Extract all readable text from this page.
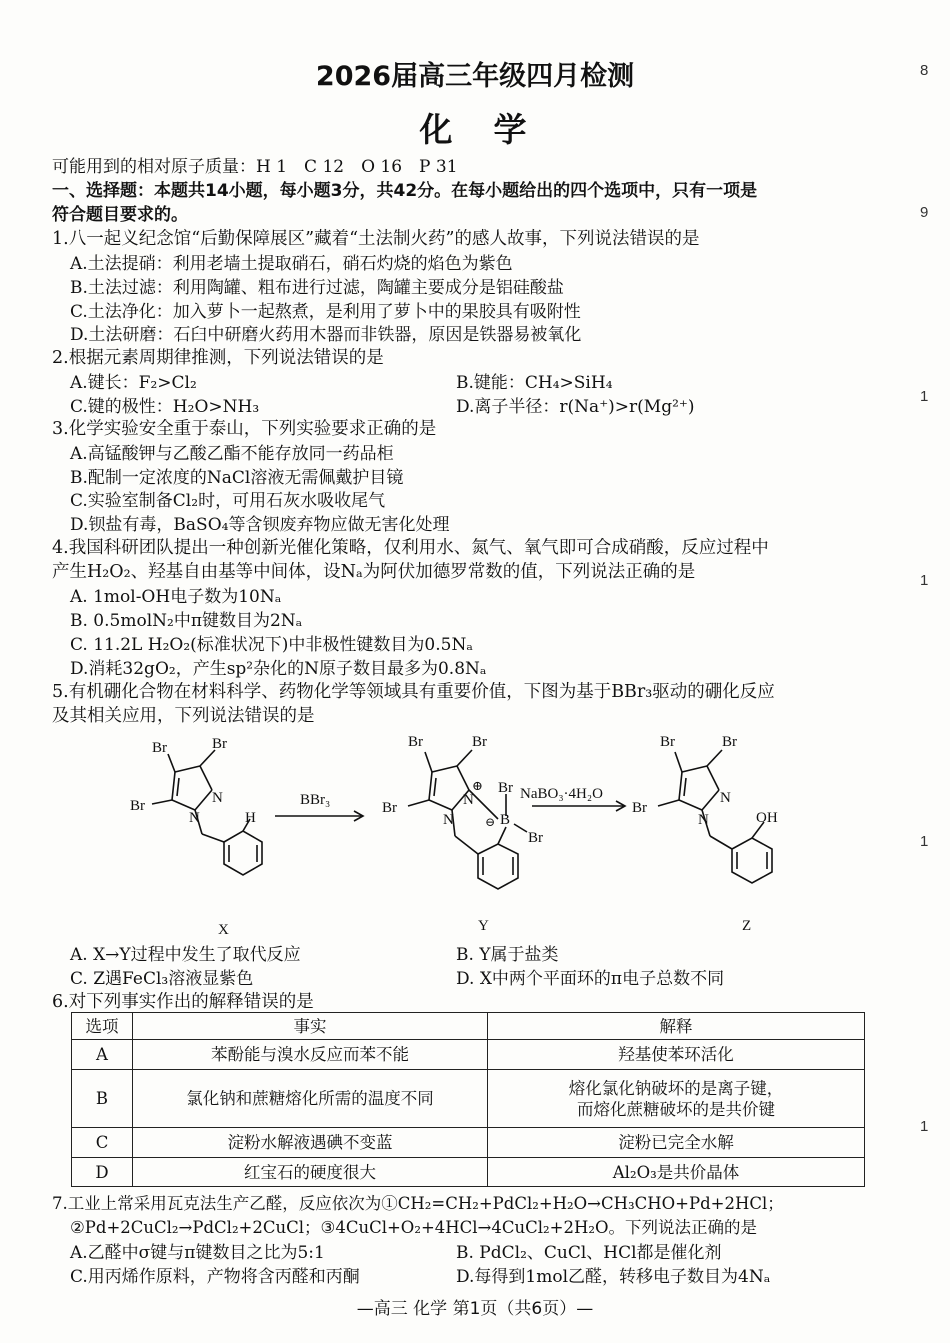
2026届高三年级四月检测
化　学
8
9
1
1
1
1
可能用到的相对原子质量：H 1　C 12　O 16　P 31
一、选择题：本题共14小题，每小题3分，共42分。在每小题给出的四个选项中，只有一项是
符合题目要求的。
1.八一起义纪念馆“后勤保障展区”藏着“土法制火药”的感人故事，下列说法错误的是
A.土法提硝：利用老墙土提取硝石，硝石灼烧的焰色为紫色
B.土法过滤：利用陶罐、粗布进行过滤，陶罐主要成分是铝硅酸盐
C.土法净化：加入萝卜一起熬煮，是利用了萝卜中的果胶具有吸附性
D.土法研磨：石臼中研磨火药用木器而非铁器，原因是铁器易被氧化
2.根据元素周期律推测，下列说法错误的是
A.键长：F₂>Cl₂	B.键能：CH₄>SiH₄
C.键的极性：H₂O>NH₃	D.离子半径：r(Na⁺)>r(Mg²⁺)
3.化学实验安全重于泰山，下列实验要求正确的是
A.高锰酸钾与乙酸乙酯不能存放同一药品柜
B.配制一定浓度的NaCl溶液无需佩戴护目镜
C.实验室制备Cl₂时，可用石灰水吸收尾气
D.钡盐有毒，BaSO₄等含钡废弃物应做无害化处理
4.我国科研团队提出一种创新光催化策略，仅利用水、氮气、氧气即可合成硝酸，反应过程中
产生H₂O₂、羟基自由基等中间体，设Nₐ为阿伏加德罗常数的值，下列说法正确的是
A. 1mol-OH电子数为10Nₐ
B. 0.5molN₂中π键数目为2Nₐ
C. 11.2L H₂O₂(标准状况下)中非极性键数目为0.5Nₐ
D.消耗32gO₂，产生sp²杂化的N原子数目最多为0.8Nₐ
5.有机硼化合物在材料科学、药物化学等领域具有重要价值，下图为基于BBr₃驱动的硼化反应
及其相关应用，下列说法错误的是
Br	Br
Br	N
N	H
X
BBr₃
Br	Br
Br	N
N
⊕ Br
B
⊖
Br
Y
NaBO₃·4H₂O
Br	Br
Br
N
N	OH
Z
A. X→Y过程中发生了取代反应	B. Y属于盐类
C. Z遇FeCl₃溶液显紫色	D. X中两个平面环的π电子总数不同
6.对下列事实作出的解释错误的是
选项	事实	解释
A	苯酚能与溴水反应而苯不能	羟基使苯环活化
B	氯化钠和蔗糖熔化所需的温度不同	熔化氯化钠破坏的是离子键，
而熔化蔗糖破坏的是共价键

C	淀粉水解液遇碘不变蓝	淀粉已完全水解
D	红宝石的硬度很大	Al₂O₃是共价晶体
7.工业上常采用瓦克法生产乙醛，反应依次为①CH₂=CH₂+PdCl₂+H₂O→CH₃CHO+Pd+2HCl；
②Pd+2CuCl₂→PdCl₂+2CuCl；③4CuCl+O₂+4HCl→4CuCl₂+2H₂O。下列说法正确的是
A.乙醛中σ键与π键数目之比为5:1	B. PdCl₂、CuCl、HCl都是催化剂
C.用丙烯作原料，产物将含丙醛和丙酮	D.每得到1mol乙醛，转移电子数目为4Nₐ
—高三 化学 第1页（共6页）—
